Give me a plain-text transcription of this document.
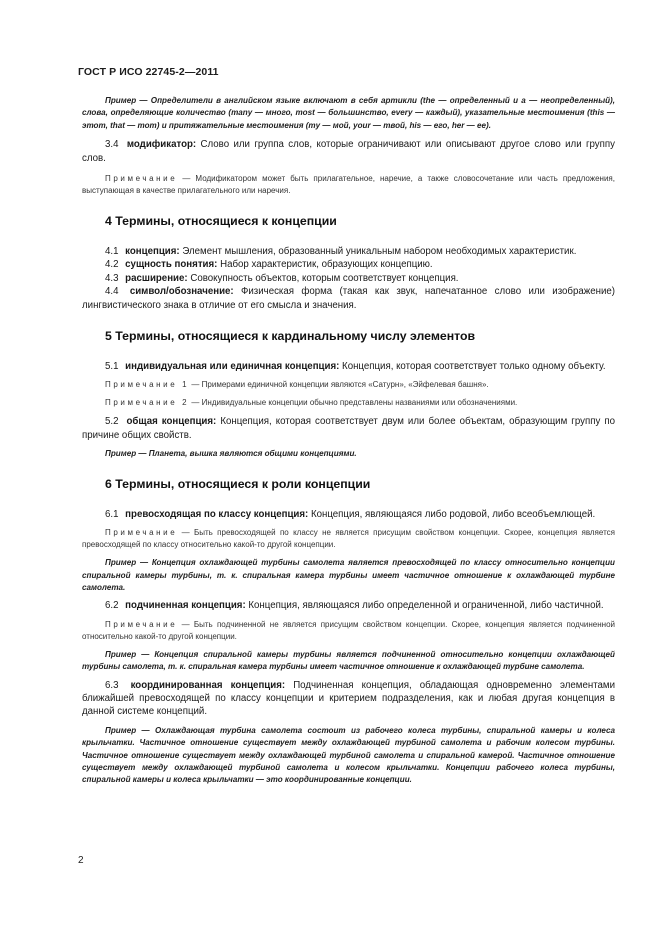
ГОСТ Р ИСО 22745-2—2011

Пример — Определители в английском языке включают в себя артикли (the — определенный и а — неопределенный), слова, определяющие количество (many — много, most — большинство, every — каждый), указательные местоимения (this — этот, that — тот) и притяжательные местоимения (my — мой, your — твой, his — его, her — ее).

3.4 модификатор: Слово или группа слов, которые ограничивают или описывают другое слово или группу слов.

Примечание — Модификатором может быть прилагательное, наречие, а также словосочетание или часть предложения, выступающая в качестве прилагательного или наречия.

4 Термины, относящиеся к концепции

4.1 концепция: Элемент мышления, образованный уникальным набором необходимых характеристик.

4.2 сущность понятия: Набор характеристик, образующих концепцию.

4.3 расширение: Совокупность объектов, которым соответствует концепция.

4.4 символ/обозначение: Физическая форма (такая как звук, напечатанное слово или изображение) лингвистического знака в отличие от его смысла и значения.

5 Термины, относящиеся к кардинальному числу элементов

5.1 индивидуальная или единичная концепция: Концепция, которая соответствует только одному объекту.

Примечание 1 — Примерами единичной концепции являются «Сатурн», «Эйфелевая башня».

Примечание 2 — Индивидуальные концепции обычно представлены названиями или обозначениями.

5.2 общая концепция: Концепция, которая соответствует двум или более объектам, образующим группу по причине общих свойств.

Пример — Планета, вышка являются общими концепциями.

6 Термины, относящиеся к роли концепции

6.1 превосходящая по классу концепция: Концепция, являющаяся либо родовой, либо всеобъемлющей.

Примечание — Быть превосходящей по классу не является присущим свойством концепции. Скорее, концепция является превосходящей по классу относительно какой-то другой концепции.

Пример — Концепция охлаждающей турбины самолета является превосходящей по классу относительно концепции спиральной камеры турбины, т. к. спиральная камера турбины имеет частичное отношение к охлаждающей турбине самолета.

6.2 подчиненная концепция: Концепция, являющаяся либо определенной и ограниченной, либо частичной.

Примечание — Быть подчиненной не является присущим свойством концепции. Скорее, концепция является подчиненной относительно какой-то другой концепции.

Пример — Концепция спиральной камеры турбины является подчиненной относительно концепции охлаждающей турбины самолета, т. к. спиральная камера турбины имеет частичное отношение к охлаждающей турбине самолета.

6.3 координированная концепция: Подчиненная концепция, обладающая одновременно элементами ближайшей превосходящей по классу концепции и критерием подразделения, как и любая другая концепция в данной системе концепций.

Пример — Охлаждающая турбина самолета состоит из рабочего колеса турбины, спиральной камеры и колеса крыльчатки. Частичное отношение существует между охлаждающей турбиной самолета и рабочим колесом турбины. Частичное отношение существует между охлаждающей турбиной самолета и спиральной камерой. Частичное отношение существует между охлаждающей турбиной самолета и колесом крыльчатки. Концепции рабочего колеса турбины, спиральной камеры и колеса крыльчатки — это координированные концепции.

2
